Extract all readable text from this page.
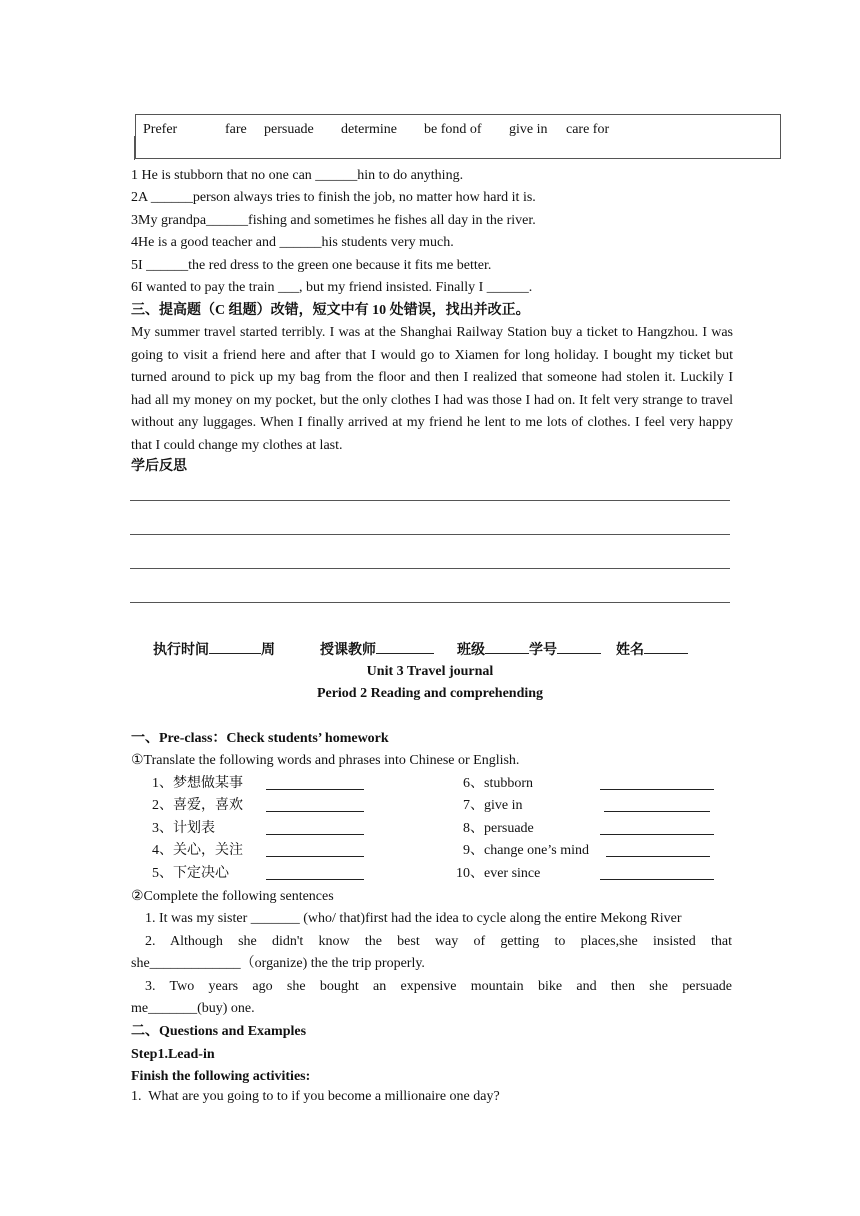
Prefer	fare persuade determine be fond of give in care for
1 He is stubborn that no one can ______hin to do anything.
2A ______person always tries to finish the job, no matter how hard it is.
3My grandpa______fishing and sometimes he fishes all day in the river.
4He is a good teacher and ______his students very much.
5I ______the red dress to the green one because it fits me better.
6I wanted to pay the train ___, but my friend insisted. Finally I ______.
三、提高题（C 组题）改错，短文中有 10 处错误，找出并改正。
My summer travel started terribly. I was at the Shanghai Railway Station buy a ticket to Hangzhou. I was going to visit a friend here and after that I would go to Xiamen for long holiday. I bought my ticket but turned around to pick up my bag from the floor and then I realized that someone had stolen it. Luckily I had all my money on my pocket, but the only clothes I had was those I had on. It felt very strange to travel without any luggages. When I finally arrived at my friend he lent to me lots of clothes. I feel very happy that I could change my clothes at last.
学后反思
执行时间	周	授课教师	班级	学号	姓名
Unit 3 Travel journal
Period 2 Reading and comprehending
一、Pre-class：Check students’ homework
①Translate the following words and phrases into Chinese or English.
1、梦想做某事
2、喜爱，喜欢
3、计划表
4、关心，关注
5、下定决心
6、stubborn
7、give in
8、persuade
9、change one’s mind
10、ever since
②Complete the following sentences
1. It was my sister _______ (who/ that)first had the idea to cycle along the entire Mekong River
2.  Although  she  didn't  know  the  best  way  of  getting  to  places,she  insisted  that
she_____________（organize) the the trip properly.
3.  Two  years  ago  she  bought  an  expensive  mountain  bike  and  then  she  persuade
me_______(buy) one.
二、Questions and Examples
Step1.Lead-in
Finish the following activities:
1.  What are you going to to if you become a millionaire one day?
